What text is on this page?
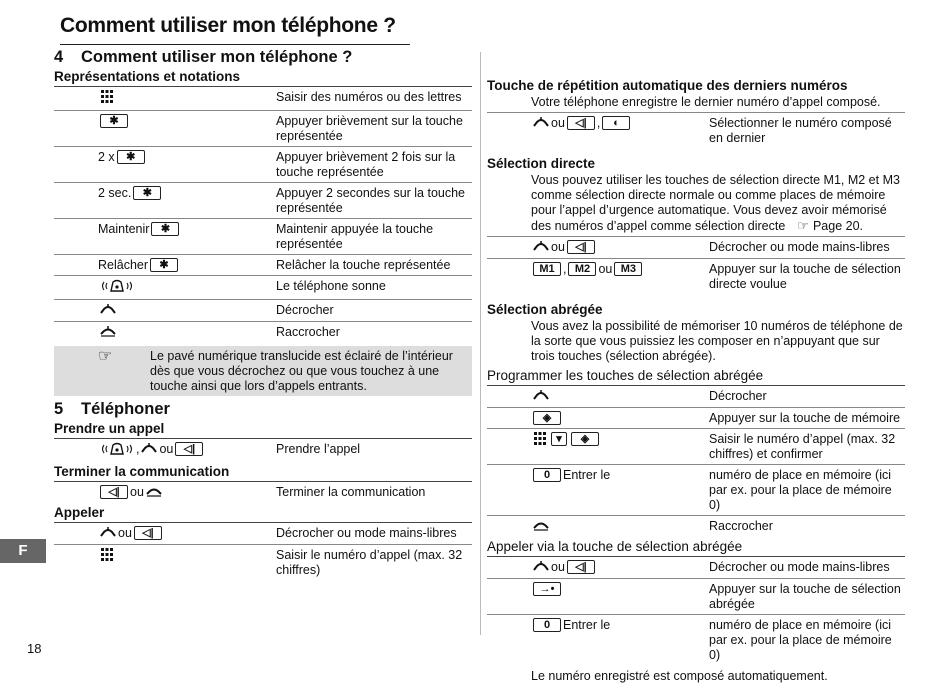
Comment utiliser mon téléphone ?
F
18
4 Comment utiliser mon téléphone ?
Représentations et notations
Saisir des numéros ou des lettres
✱	Appuyer brièvement sur la touche représentée
2 x	✱	Appuyer brièvement 2 fois sur la touche représentée
2 sec.	✱	Appuyer 2 secondes sur la touche représentée
Maintenir	✱	Maintenir appuyée la touche représentée
Relâcher	✱	Relâcher la touche représentée
Le téléphone sonne
Décrocher
Raccrocher
☞	Le pavé numérique translucide est éclairé de l’intérieur dès que vous décrochez ou que vous touchez à une touche ainsi que lors d’appels entrants.
5 Téléphoner
Prendre un appel
, ou ◁|	Prendre l’appel
Terminer la communication
◁| ou	Terminer la communication
Appeler
ou ◁|	Décrocher ou mode mains-libres
Saisir le numéro d’appel (max. 32 chiffres)
Touche de répétition automatique des derniers numéros
Votre téléphone enregistre le dernier numéro d’appel composé.
ou ◁| ,	◐	Sélectionner le numéro composé en dernier
Sélection directe
Vous pouvez utiliser les touches de sélection directe M1, M2 et M3 comme sélection directe normale ou comme places de mémoire pour l’appel d’urgence automatique. Vous devez avoir mémorisé des numéros d’appel comme sélection directe ☞ Page 20.
ou ◁|	Décrocher ou mode mains-libres
M1 , M2 ou M3	Appuyer sur la touche de sélection directe voulue
Sélection abrégée
Vous avez la possibilité de mémoriser 10 numéros de téléphone de la sorte que vous puissiez les composer en n’appuyant que sur trois touches (sélection abrégée).
Programmer les touches de sélection abrégée
Décrocher
◈	Appuyer sur la touche de mémoire
▾	◈	Saisir le numéro d’appel (max. 32 chiffres) et confirmer
0	Entrer le	numéro de place en mémoire (ici par ex. pour la place de mémoire 0)
Raccrocher
Appeler via la touche de sélection abrégée
ou ◁|	Décrocher ou mode mains-libres
→•	Appuyer sur la touche de sélection abrégée
0	Entrer le	numéro de place en mémoire (ici par ex. pour la place de mémoire 0)
Le numéro enregistré est composé automatiquement.
